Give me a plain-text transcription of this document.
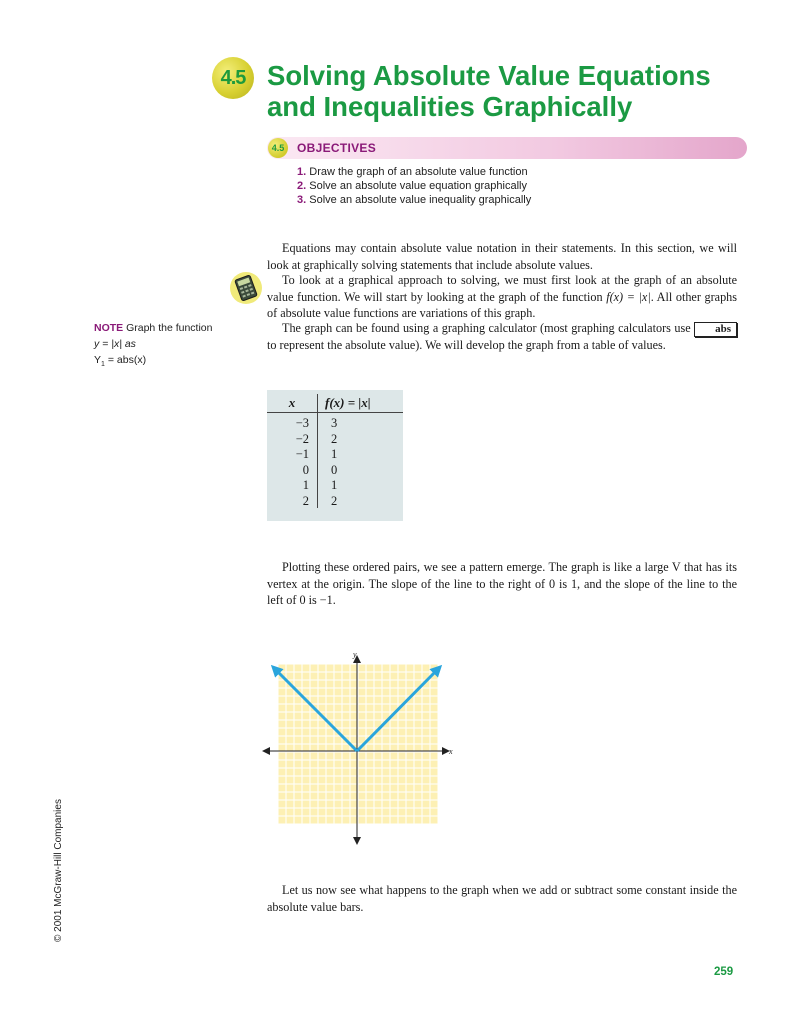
4.5 Solving Absolute Value Equations
and Inequalities Graphically
4.5	OBJECTIVES
1. Draw the graph of an absolute value function
2. Solve an absolute value equation graphically
3. Solve an absolute value inequality graphically
Equations may contain absolute value notation in their statements. In this section, we will look at graphically solving statements that include absolute values.
To look at a graphical approach to solving, we must first look at the graph of an absolute value function. We will start by looking at the graph of the function f(x) = |x|. All other graphs of absolute value functions are variations of this graph.
The graph can be found using a graphing calculator (most graphing calculators use abs to represent the absolute value). We will develop the graph from a table of values.
NOTE Graph the function
y = |x| as
$Y_1 = abs(x)$
x	f(x) = |x|
−3 3
−2 2
−1 1
0 0
1 1
2 2
Plotting these ordered pairs, we see a pattern emerge. The graph is like a large V that has its vertex at the origin. The slope of the line to the right of 0 is 1, and the slope of the line to the left of 0 is −1.
x
y
Let us now see what happens to the graph when we add or subtract some constant inside the absolute value bars.
© 2001 McGraw-Hill Companies
259
